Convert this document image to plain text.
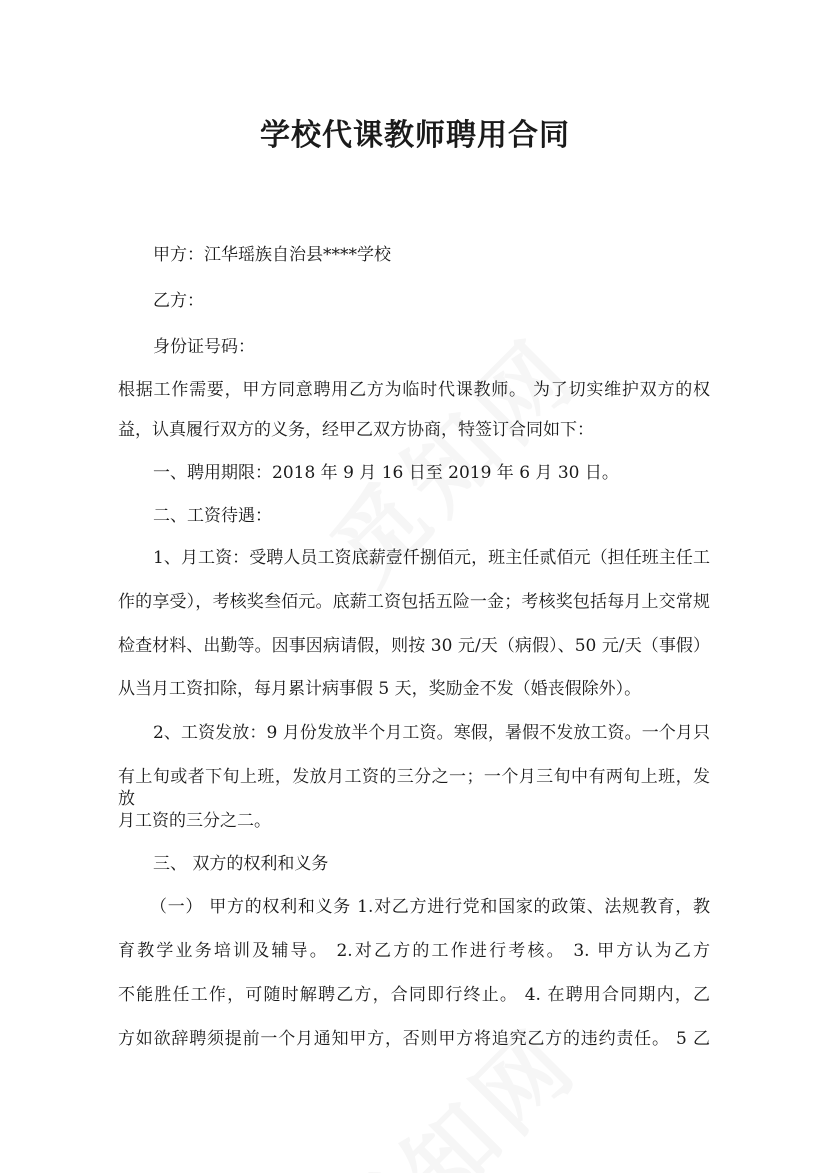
学校代课教师聘用合同

甲方：江华瑶族自治县****学校

乙方：

身份证号码：

根据工作需要，甲方同意聘用乙方为临时代课教师。 为了切实维护双方的权

益，认真履行双方的义务，经甲乙双方协商，特签订合同如下：

一、聘用期限：2018 年 9 月 16 日至 2019 年 6 月 30 日。

二、工资待遇：

1、月工资：受聘人员工资底薪壹仟捌佰元，班主任贰佰元（担任班主任工

作的享受），考核奖叁佰元。底薪工资包括五险一金；考核奖包括每月上交常规

检查材料、出勤等。因事因病请假，则按 30 元/天（病假）、50 元/天（事假）

从当月工资扣除，每月累计病事假 5 天，奖励金不发（婚丧假除外）。

2、工资发放：9 月份发放半个月工资。寒假，暑假不发放工资。一个月只

有上旬或者下旬上班，发放月工资的三分之一；一个月三旬中有两旬上班，发放

月工资的三分之二。

三、 双方的权利和义务

（一） 甲方的权利和义务 1.对乙方进行党和国家的政策、法规教育，教

育教学业务培训及辅导。 2.对乙方的工作进行考核。 3. 甲方认为乙方

不能胜任工作，可随时解聘乙方，合同即行终止。 4. 在聘用合同期内，乙

方如欲辞聘须提前一个月通知甲方，否则甲方将追究乙方的违约责任。 5 乙
